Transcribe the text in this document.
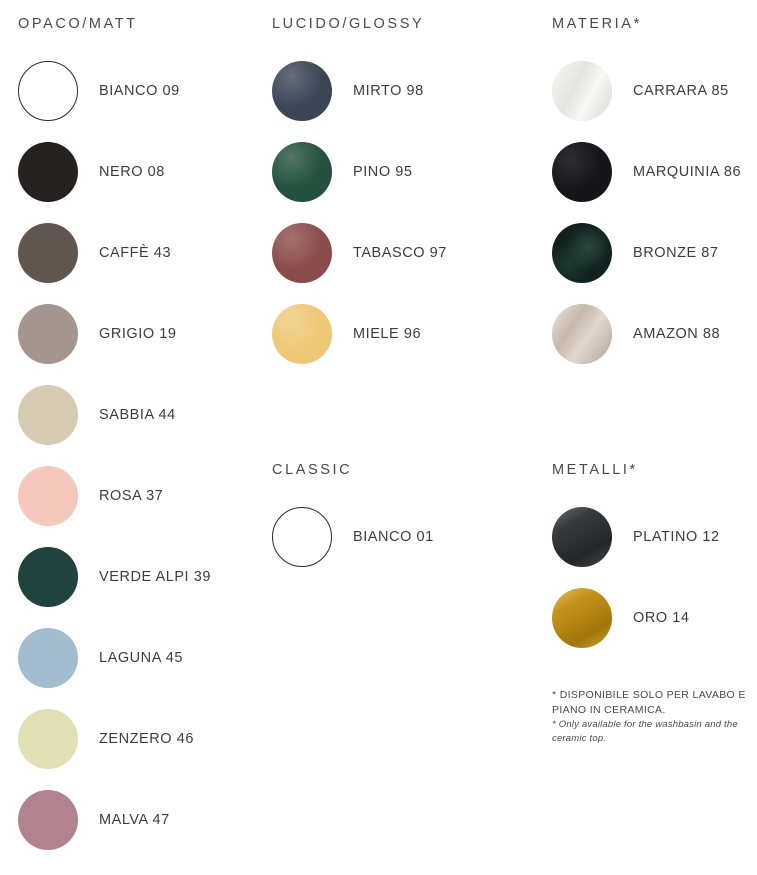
OPACO/MATT
BIANCO 09
NERO 08
CAFFÈ 43
GRIGIO 19
SABBIA 44
ROSA 37
VERDE ALPI 39
LAGUNA 45
ZENZERO 46
MALVA 47
LUCIDO/GLOSSY
MIRTO 98
PINO 95
TABASCO 97
MIELE 96
CLASSIC
BIANCO 01
MATERIA*
CARRARA 85
MARQUINIA 86
BRONZE 87
AMAZON 88
METALLI*
PLATINO 12
ORO 14
* DISPONIBILE SOLO PER LAVABO E PIANO IN CERAMICA.
* Only available for the washbasin and the ceramic top.
